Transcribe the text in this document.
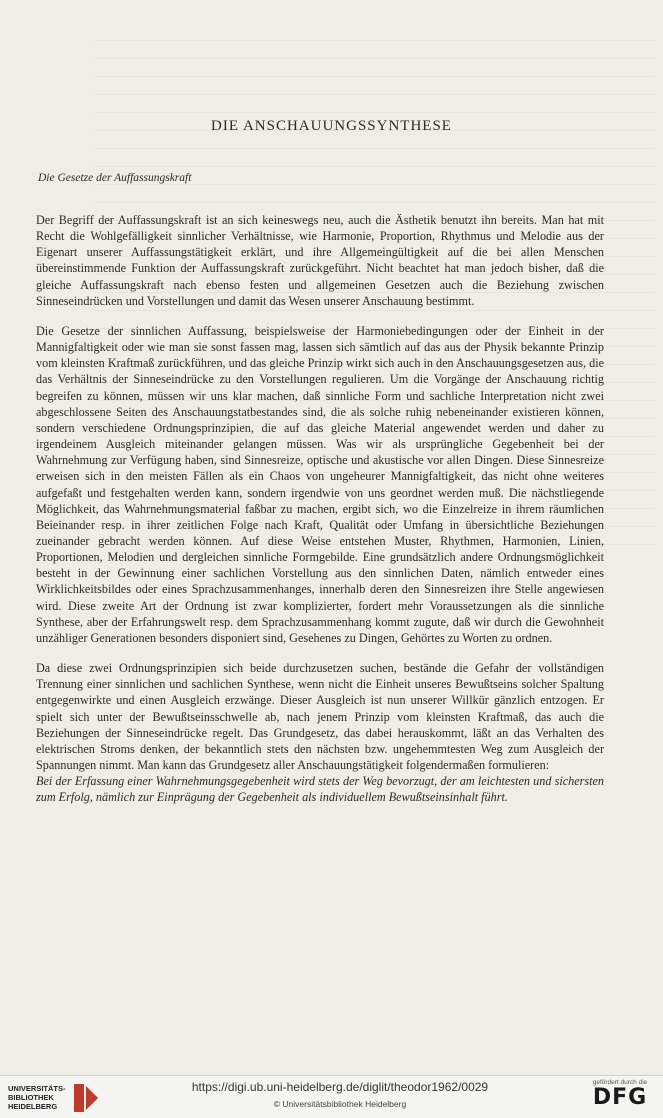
DIE ANSCHAUUNGSSYNTHESE
Die Gesetze der Auffassungskraft

Der Begriff der Auffassungskraft ist an sich keineswegs neu, auch die Ästhetik benutzt ihn bereits. Man hat mit Recht die Wohlgefälligkeit sinnlicher Verhältnisse, wie Harmonie, Proportion, Rhythmus und Melodie aus der Eigenart unserer Auffassungstätigkeit erklärt, und ihre Allgemeingültigkeit auf die bei allen Menschen übereinstimmende Funktion der Auffassungskraft zurückgeführt. Nicht beachtet hat man jedoch bisher, daß die gleiche Auffassungskraft nach ebenso festen und allgemeinen Gesetzen auch die Beziehung zwischen Sinneseindrücken und Vorstellungen und damit das Wesen unserer Anschauung bestimmt.

Die Gesetze der sinnlichen Auffassung, beispielsweise der Harmoniebedingungen oder der Einheit in der Mannigfaltigkeit oder wie man sie sonst fassen mag, lassen sich sämtlich auf das aus der Physik bekannte Prinzip vom kleinsten Kraftmaß zurückführen, und das gleiche Prinzip wirkt sich auch in den Anschauungsgesetzen aus, die das Verhältnis der Sinneseindrücke zu den Vorstellungen regulieren. Um die Vorgänge der Anschauung richtig begreifen zu können, müssen wir uns klar machen, daß sinnliche Form und sachliche Interpretation nicht zwei abgeschlossene Seiten des Anschauungstatbestandes sind, die als solche ruhig nebeneinander existieren können, sondern verschiedene Ordnungsprinzipien, die auf das gleiche Material angewendet werden und daher zu irgendeinem Ausgleich miteinander gelangen müssen. Was wir als ursprüngliche Gegebenheit bei der Wahrnehmung zur Verfügung haben, sind Sinnesreize, optische und akustische vor allen Dingen. Diese Sinnesreize erweisen sich in den meisten Fällen als ein Chaos von ungeheurer Mannigfaltigkeit, das nicht ohne weiteres aufgefaßt und festgehalten werden kann, sondern irgendwie von uns geordnet werden muß. Die nächstliegende Möglichkeit, das Wahrnehmungsmaterial faßbar zu machen, ergibt sich, wo die Einzelreize in ihrem räumlichen Beieinander resp. in ihrer zeitlichen Folge nach Kraft, Qualität oder Umfang in übersichtliche Beziehungen zueinander gebracht werden können. Auf diese Weise entstehen Muster, Rhythmen, Harmonien, Linien, Proportionen, Melodien und dergleichen sinnliche Formgebilde. Eine grundsätzlich andere Ordnungsmöglichkeit besteht in der Gewinnung einer sachlichen Vorstellung aus den sinnlichen Daten, nämlich entweder eines Wirklichkeitsbildes oder eines Sprachzusammenhanges, innerhalb deren den Sinnesreizen ihre Stelle angewiesen wird. Diese zweite Art der Ordnung ist zwar komplizierter, fordert mehr Voraussetzungen als die sinnliche Synthese, aber der Erfahrungswelt resp. dem Sprachzusammenhang kommt zugute, daß wir durch die Gewohnheit unzähliger Generationen besonders disponiert sind, Gesehenes zu Dingen, Gehörtes zu Worten zu ordnen.

Da diese zwei Ordnungsprinzipien sich beide durchzusetzen suchen, bestände die Gefahr der vollständigen Trennung einer sinnlichen und sachlichen Synthese, wenn nicht die Einheit unseres Bewußtseins solcher Spaltung entgegenwirkte und einen Ausgleich erzwänge. Dieser Ausgleich ist nun unserer Willkür gänzlich entzogen. Er spielt sich unter der Bewußtseinsschwelle ab, nach jenem Prinzip vom kleinsten Kraftmaß, das auch die Beziehungen der Sinneseindrücke regelt. Das Grundgesetz, das dabei herauskommt, läßt an das Verhalten des elektrischen Stroms denken, der bekanntlich stets den nächsten bzw. ungehemmtesten Weg zum Ausgleich der Spannungen nimmt. Man kann das Grundgesetz aller Anschauungstätigkeit folgendermaßen formulieren:

Bei der Erfassung einer Wahrnehmungsgegebenheit wird stets der Weg bevorzugt, der am leichtesten und sichersten zum Erfolg, nämlich zur Einprägung der Gegebenheit als individuellem Bewußtseinsinhalt führt.

UNIVERSITÄTS-
BIBLIOTHEK
HEIDELBERG
https://digi.ub.uni-heidelberg.de/diglit/theodor1962/0029
© Universitätsbibliothek Heidelberg
gefördert durch die
DFG
